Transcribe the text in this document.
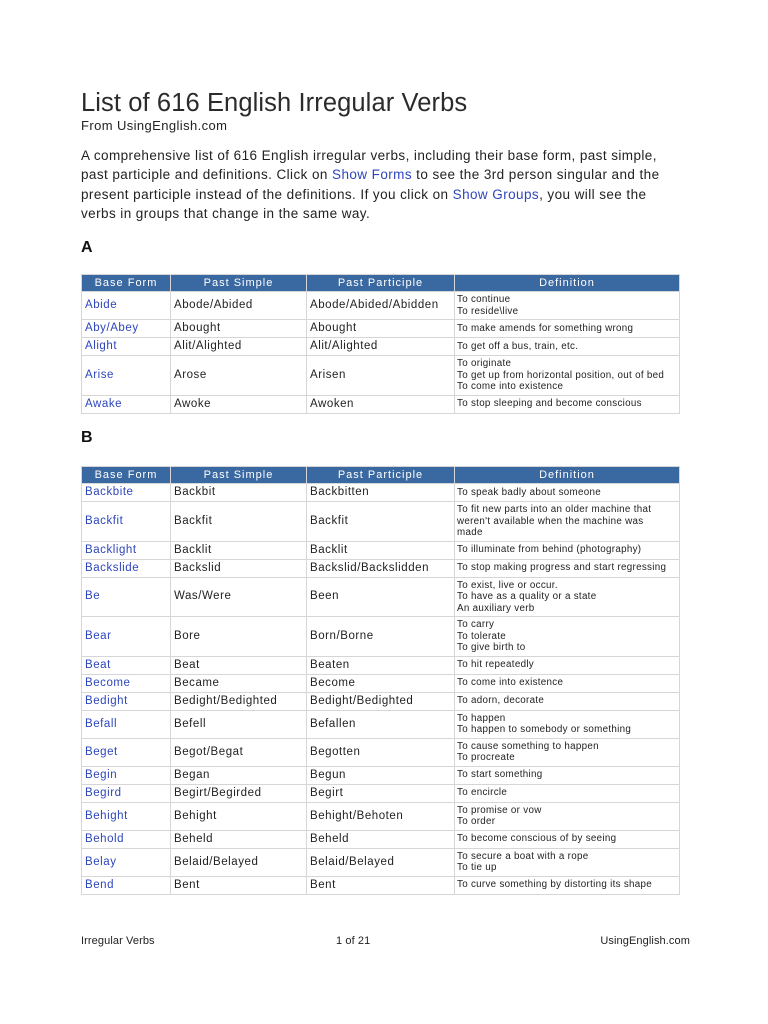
List of 616 English Irregular Verbs
From UsingEnglish.com
A comprehensive list of 616 English irregular verbs, including their base form, past simple,
past participle and definitions. Click on Show Forms to see the 3rd person singular and the
present participle instead of the definitions. If you click on Show Groups, you will see the
verbs in groups that change in the same way.
A
Base Form	Past Simple	Past Participle	Definition
Abide	Abode/Abided	Abode/Abided/Abidden	To continue
To reside\live
Aby/Abey	Abought	Abought	To make amends for something wrong
Alight	Alit/Alighted	Alit/Alighted	To get off a bus, train, etc.
Arise	Arose	Arisen	To originate
To get up from horizontal position, out of bed
To come into existence
Awake	Awoke	Awoken	To stop sleeping and become conscious
B
Base Form	Past Simple	Past Participle	Definition
Backbite	Backbit	Backbitten	To speak badly about someone
Backfit	Backfit	Backfit	To fit new parts into an older machine that
weren't available when the machine was
made
Backlight	Backlit	Backlit	To illuminate from behind (photography)
Backslide	Backslid	Backslid/Backslidden	To stop making progress and start regressing
Be	Was/Were	Been	To exist, live or occur.
To have as a quality or a state
An auxiliary verb
Bear	Bore	Born/Borne	To carry
To tolerate
To give birth to
Beat	Beat	Beaten	To hit repeatedly
Become	Became	Become	To come into existence
Bedight	Bedight/Bedighted	Bedight/Bedighted	To adorn, decorate
Befall	Befell	Befallen	To happen
To happen to somebody or something
Beget	Begot/Begat	Begotten	To cause something to happen
To procreate
Begin	Began	Begun	To start something
Begird	Begirt/Begirded	Begirt	To encircle
Behight	Behight	Behight/Behoten	To promise or vow
To order
Behold	Beheld	Beheld	To become conscious of by seeing
Belay	Belaid/Belayed	Belaid/Belayed	To secure a boat with a rope
To tie up
Bend	Bent	Bent	To curve something by distorting its shape
Irregular Verbs	1 of 21	UsingEnglish.com
